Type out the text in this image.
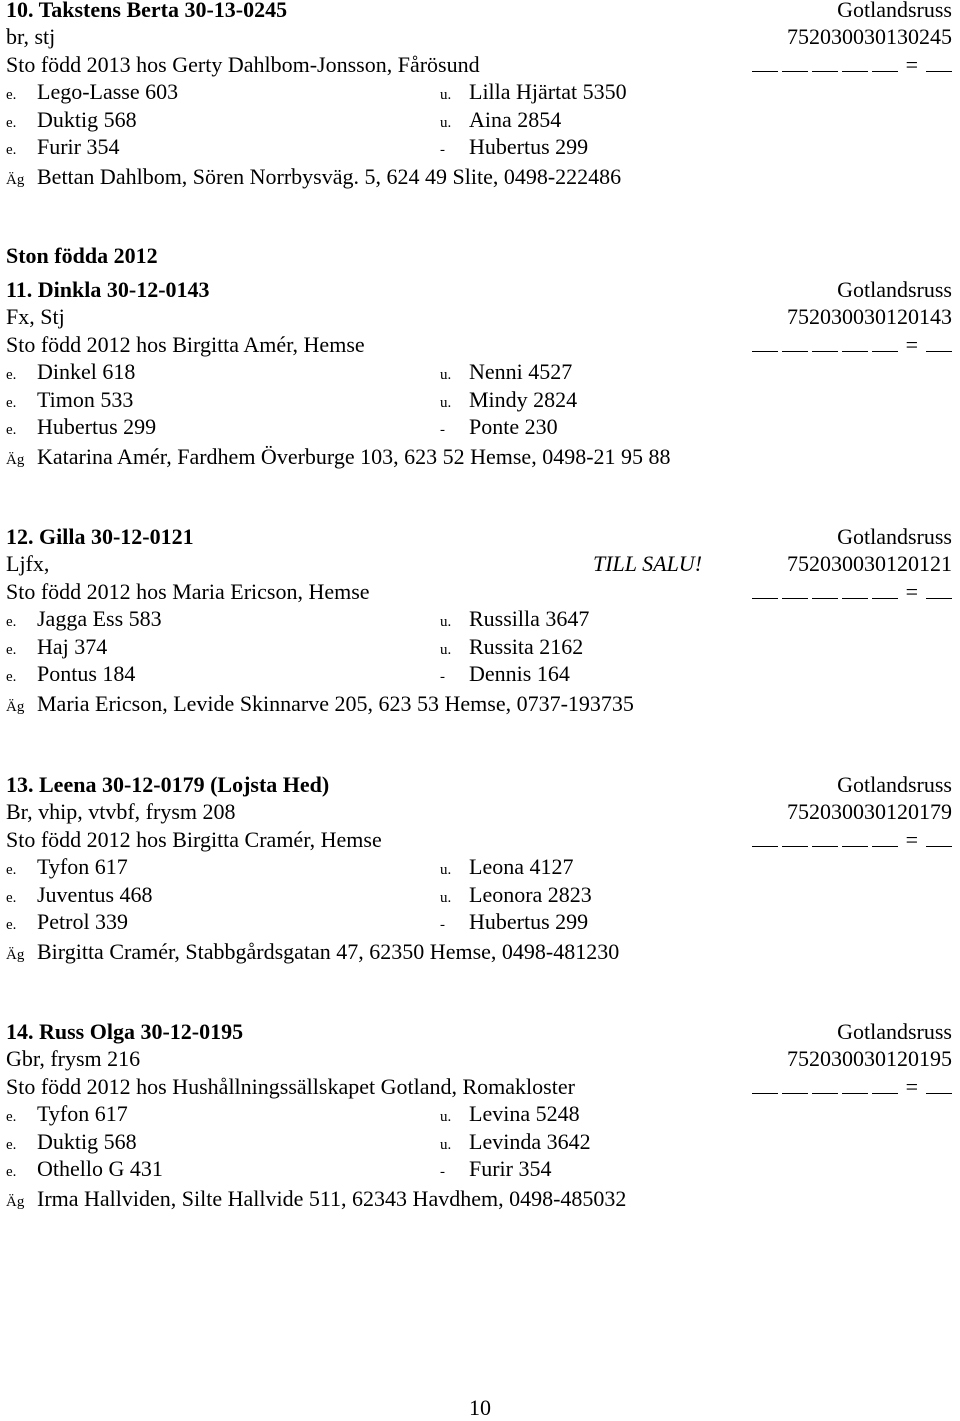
10. Takstens Berta 30-13-0245	Gotlandsruss
br, stj	752030030130245
Sto född 2013 hos Gerty Dahlbom-Jonsson, Fårösund	=
e. Lego-Lasse 603	u. Lilla Hjärtat 5350
e. Duktig 568	u. Aina 2854
e. Furir 354	- Hubertus 299
Äg Bettan Dahlbom, Sören Norrbysväg. 5, 624 49 Slite, 0498-222486
Ston födda 2012
11. Dinkla 30-12-0143	Gotlandsruss
Fx, Stj	752030030120143
Sto född 2012 hos Birgitta Amér, Hemse	=
e. Dinkel 618	u. Nenni 4527
e. Timon 533	u. Mindy 2824
e. Hubertus 299	- Ponte 230
Äg Katarina Amér, Fardhem Överburge 103, 623 52 Hemse, 0498-21 95 88
12. Gilla 30-12-0121	Gotlandsruss
Ljfx,	TILL SALU!	752030030120121
Sto född 2012 hos Maria Ericson, Hemse	=
e. Jagga Ess 583	u. Russilla 3647
e. Haj 374	u. Russita 2162
e. Pontus 184	- Dennis 164
Äg Maria Ericson, Levide Skinnarve 205, 623 53 Hemse, 0737-193735
13. Leena 30-12-0179 (Lojsta Hed)	Gotlandsruss
Br, vhip, vtvbf, frysm 208	752030030120179
Sto född 2012 hos Birgitta Cramér, Hemse	=
e. Tyfon 617	u. Leona 4127
e. Juventus 468	u. Leonora 2823
e. Petrol 339	- Hubertus 299
Äg Birgitta Cramér, Stabbgårdsgatan 47, 62350 Hemse, 0498-481230
14. Russ Olga 30-12-0195	Gotlandsruss
Gbr, frysm 216	752030030120195
Sto född 2012 hos Hushållningssällskapet Gotland, Romakloster	=
e. Tyfon 617	u. Levina 5248
e. Duktig 568	u. Levinda 3642
e. Othello G 431	- Furir 354
Äg Irma Hallviden, Silte Hallvide 511, 62343 Havdhem, 0498-485032
10
